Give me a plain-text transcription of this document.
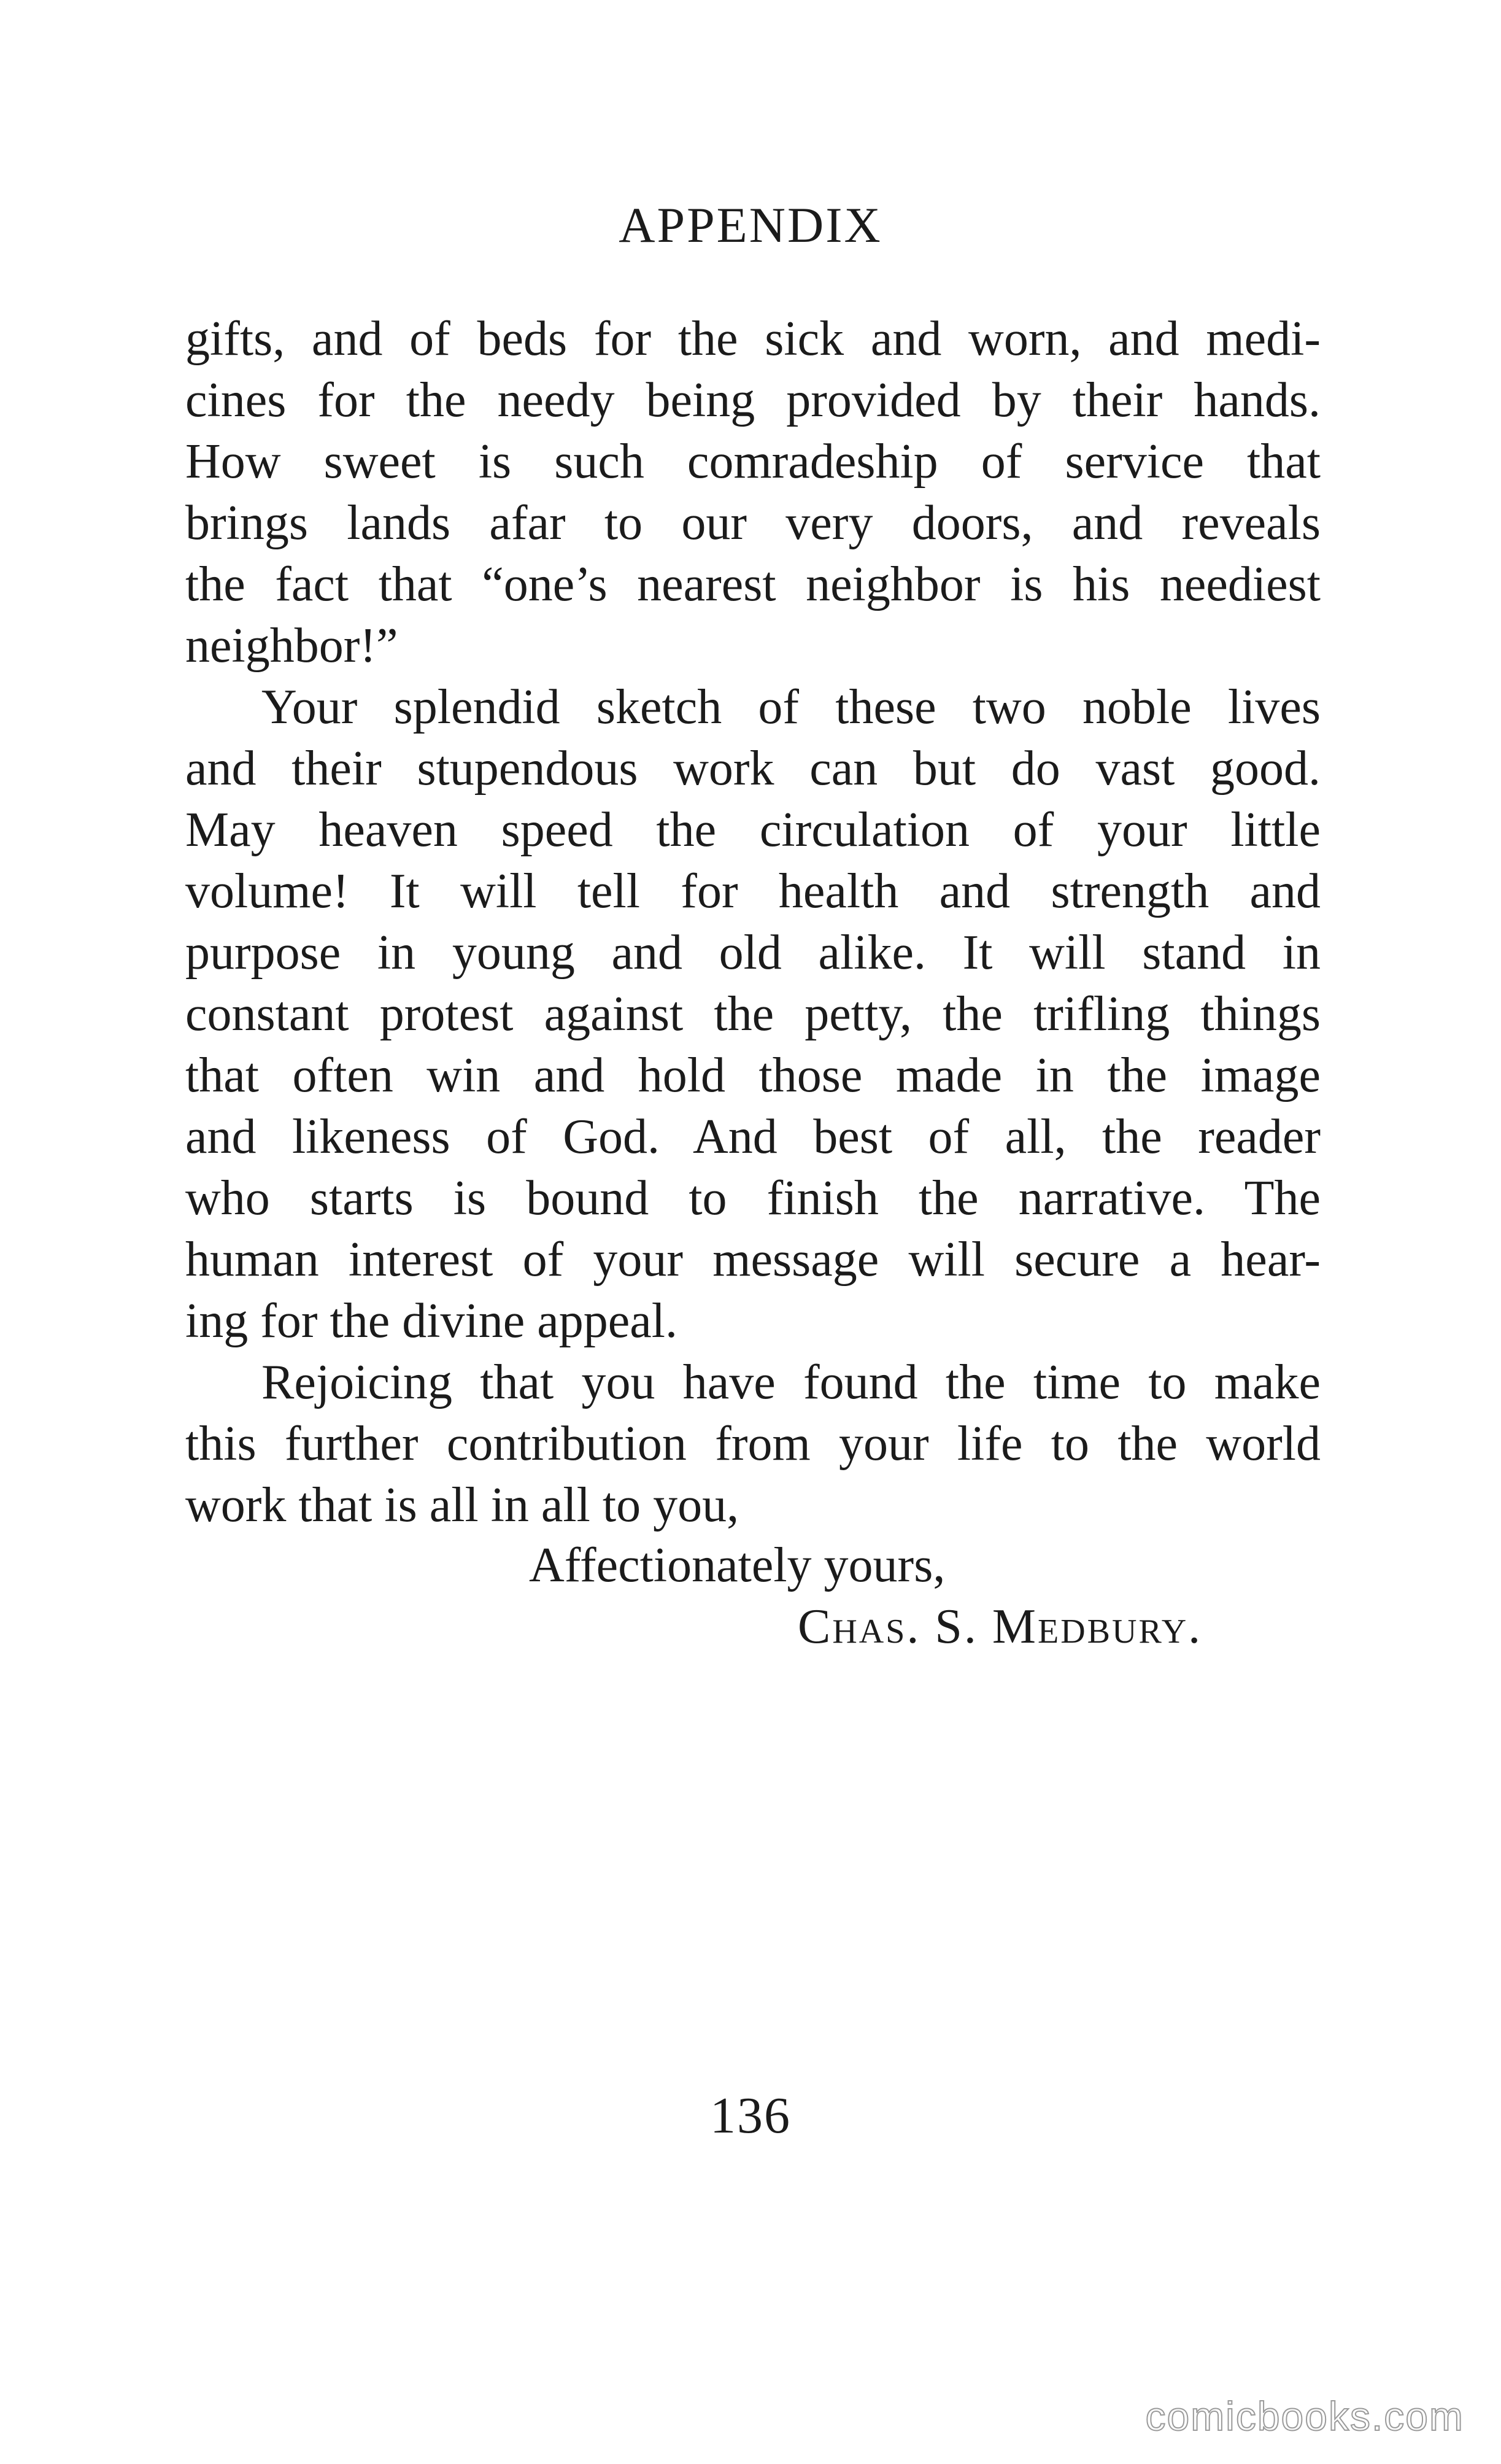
APPENDIX
gifts, and of beds for the sick and worn, and medi-
cines for the needy being provided by their hands.
How sweet is such comradeship of service that
brings lands afar to our very doors, and reveals
the fact that “one’s nearest neighbor is his neediest
neighbor!”
Your splendid sketch of these two noble lives
and their stupendous work can but do vast good.
May heaven speed the circulation of your little
volume! It will tell for health and strength and
purpose in young and old alike. It will stand in
constant protest against the petty, the trifling things
that often win and hold those made in the image
and likeness of God. And best of all, the reader
who starts is bound to finish the narrative. The
human interest of your message will secure a hear-
ing for the divine appeal.
Rejoicing that you have found the time to make
this further contribution from your life to the world
work that is all in all to you,
Affectionately yours,
Chas. S. Medbury.
136
comicbooks.com
